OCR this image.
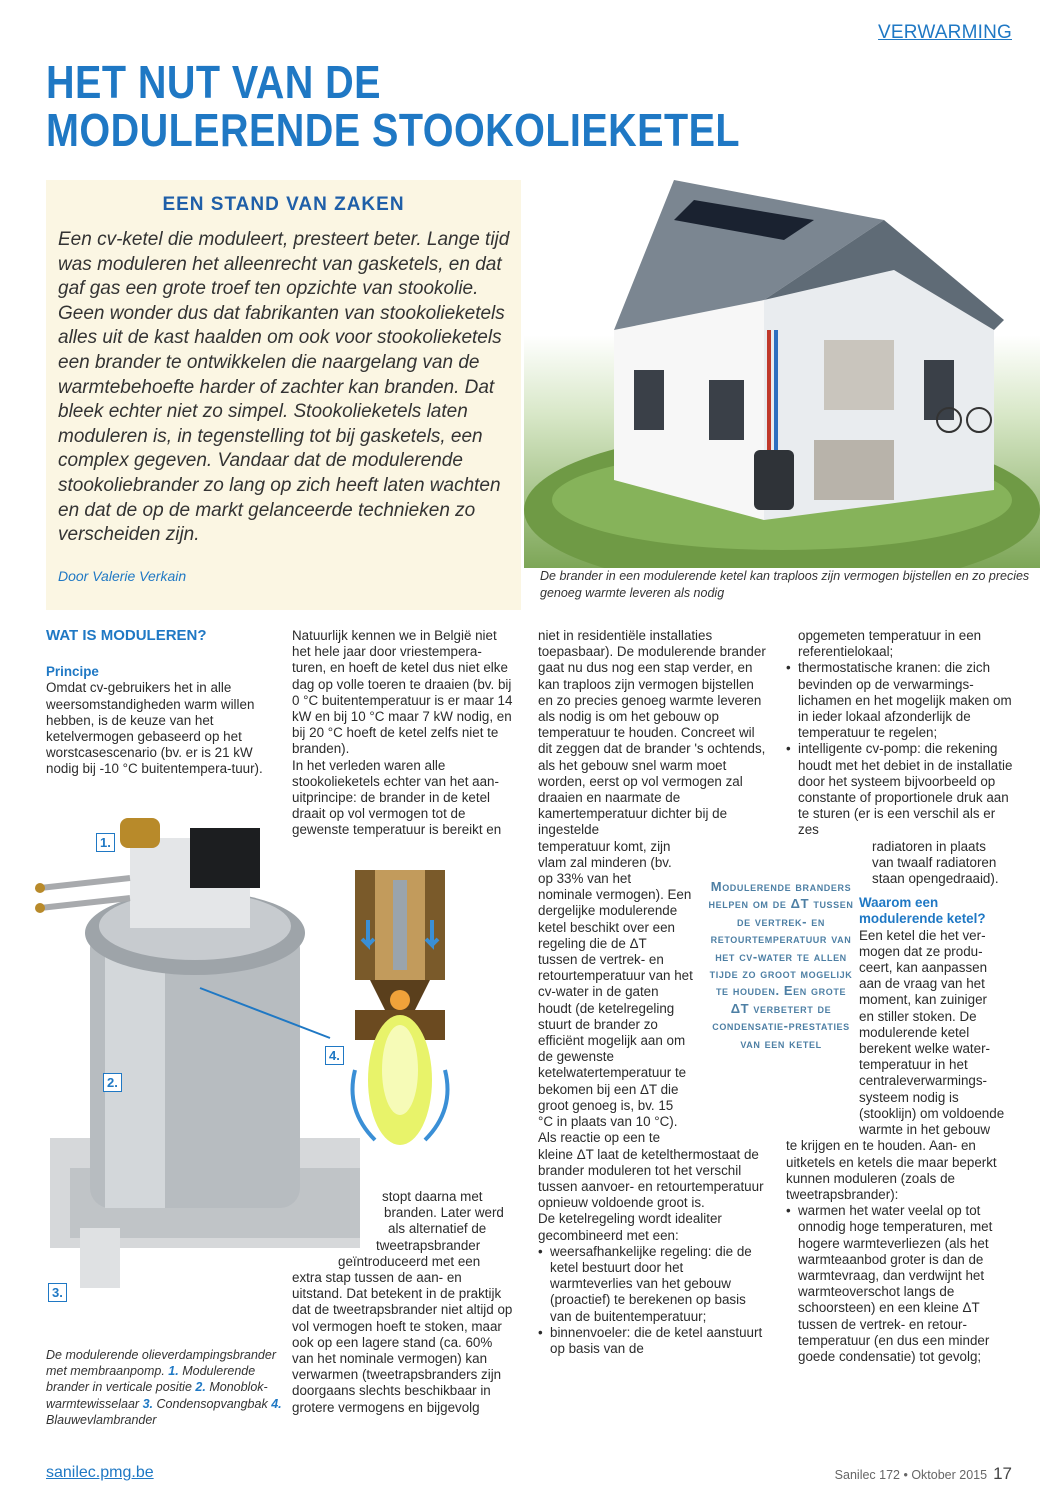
VERWARMING
HET NUT VAN DE
MODULERENDE STOOKOLIEKETEL
EEN STAND VAN ZAKEN
Een cv-ketel die moduleert, presteert beter. Lange tijd was moduleren het alleenrecht van gasketels, en dat gaf gas een grote troef ten opzichte van stookolie. Geen wonder dus dat fabrikanten van stookolieketels alles uit de kast haalden om ook voor stookolieketels een brander te ontwikkelen die naargelang van de warmtebehoefte harder of zachter kan branden. Dat bleek echter niet zo simpel. Stookolieketels laten moduleren is, in tegenstelling tot bij gasketels, een complex gegeven. Vandaar dat de modulerende stookoliebrander zo lang op zich heeft laten wachten en dat de op de markt gelanceerde technieken zo verscheiden zijn.
Door Valerie Verkain	De brander in een modulerende ketel kan traploos zijn vermogen bijstellen en zo precies genoeg warmte leveren als nodig

WAT IS MODULEREN?

Principe

Omdat cv-gebruikers het in alle weersomstandigheden warm willen hebben, is de keuze van het ketelvermogen gebaseerd op het worstcasescenario (bv. er is 21 kW nodig bij -10 °C buitentempera-tuur).

1.
2.
3.
4.
De modulerende olieverdampingsbrander met membraanpomp. 1. Modulerende brander in verticale positie 2. Monoblok-warmtewisselaar 3. Condensopvangbak 4. Blauwevlambrander

Natuurlijk kennen we in België niet het hele jaar door vriestempera-turen, en hoeft de ketel dus niet elke dag op volle toeren te draaien (bv. bij 0 °C buitentemperatuur is er maar 14 kW en bij 10 °C maar 7 kW nodig, en bij 20 °C hoeft de ketel zelfs niet te branden).

In het verleden waren alle stookolieketels echter van het aan-uitprincipe: de brander in de ketel draait op vol vermogen tot de gewenste temperatuur is bereikt en

stopt daarna met

branden. Later werd

als alternatief de

tweetrapsbrander

geïntroduceerd met een

extra stap tussen de aan- en uitstand. Dat betekent in de praktijk dat de tweetrapsbrander niet altijd op vol vermogen hoeft te stoken, maar ook op een lagere stand (ca. 60% van het nominale vermogen) kan verwarmen (tweetrapsbranders zijn doorgaans slechts beschikbaar in grotere vermogens en bijgevolg

niet in residentiële installaties toepasbaar). De modulerende brander gaat nu dus nog een stap verder, en kan traploos zijn vermogen bijstellen en zo precies genoeg warmte leveren als nodig is om het gebouw op temperatuur te houden. Concreet wil dit zeggen dat de brander 's ochtends, als het gebouw snel warm moet worden, eerst op vol vermogen zal draaien en naarmate de kamertemperatuur dichter bij de ingestelde

temperatuur komt, zijn

vlam zal minderen (bv.

op 33% van het

nominale vermogen). Een

dergelijke modulerende

ketel beschikt over een

regeling die de ΔT

tussen de vertrek- en

retourtemperatuur van het

cv-water in de gaten

houdt (de ketelregeling

stuurt de brander zo

efficiënt mogelijk aan om

de gewenste

ketelwatertemperatuur te

bekomen bij een ΔT die

groot genoeg is, bv. 15

°C in plaats van 10 °C).

Als reactie op een te

kleine ΔT laat de ketelthermostaat de brander moduleren tot het verschil tussen aanvoer- en retourtemperatuur opnieuw voldoende groot is.

De ketelregeling wordt idealiter gecombineerd met een:

• weersafhankelijke regeling: die de ketel bestuurt door het warmteverlies van het gebouw (proactief) te berekenen op basis van de buitentemperatuur;

• binnenvoeler: die de ketel aanstuurt op basis van de

Modulerende branders helpen om de ΔT tussen de vertrek- en retourtemperatuur van het cv-water te allen tijde zo groot mogelijk te houden. Een grote ΔT verbetert de condensatie-prestaties van een ketel

opgemeten temperatuur in een referentielokaal;

• thermostatische kranen: die zich bevinden op de verwarmings-lichamen en het mogelijk maken om in ieder lokaal afzonderlijk de temperatuur te regelen;

• intelligente cv-pomp: die rekening houdt met het debiet in de installatie door het systeem bijvoorbeeld op constante of proportionele druk aan te sturen (er is een verschil als er zes

radiatoren in plaats

van twaalf radiatoren

staan opengedraaid).

Waarom een modulerende ketel?

Een ketel die het ver-

mogen dat ze produ-

ceert, kan aanpassen

aan de vraag van het

moment, kan zuiniger

en stiller stoken. De

modulerende ketel

berekent welke water-

temperatuur in het

centraleverwarmings-

systeem nodig is

(stooklijn) om voldoende

warmte in het gebouw

te krijgen en te houden. Aan- en uitketels en ketels die maar beperkt kunnen moduleren (zoals de tweetrapsbrander):

• warmen het water veelal op tot onnodig hoge temperaturen, met hogere warmteverliezen (als het warmteaanbod groter is dan de warmtevraag, dan verdwijnt het warmteoverschot langs de schoorsteen) en een kleine ΔT tussen de vertrek- en retour-temperatuur (en dus een minder goede condensatie) tot gevolg;

sanilec.pmg.be	Sanilec 172 • Oktober 2015 17
